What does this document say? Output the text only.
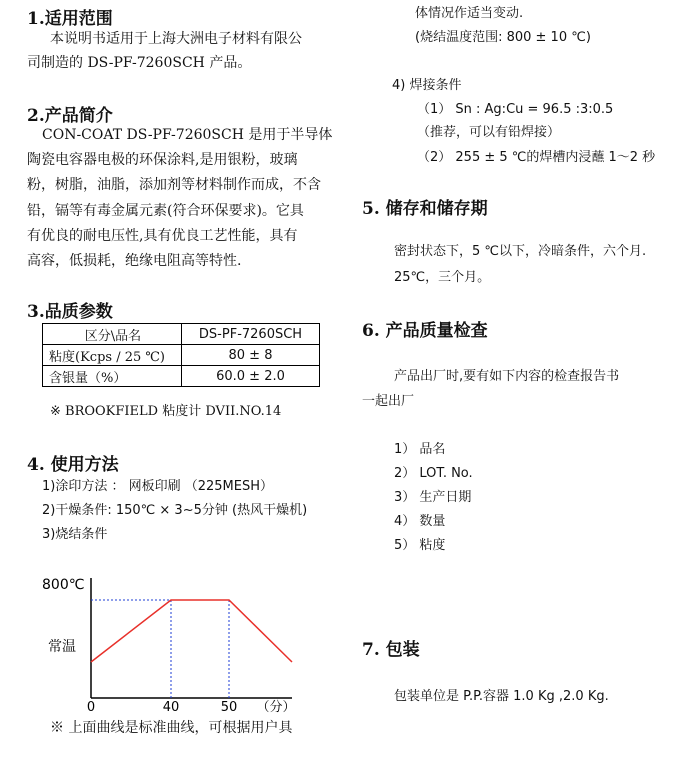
1.适用范围
本说明书适用于上海大洲电子材料有限公
司制造的 DS-PF-7260SCH 产品。
2.产品简介
CON-COAT DS-PF-7260SCH 是用于半导体
陶瓷电容器电极的环保涂料,是用银粉，玻璃
粉，树脂，油脂，添加剂等材料制作而成，不含
铅，镉等有毒金属元素(符合环保要求)。它具
有优良的耐电压性,具有优良工艺性能，具有
高容，低损耗，绝缘电阻高等特性.
3.品质参数
区分\品名	DS-PF-7260SCH
粘度(Kcps / 25 ℃)	80 ± 8
含银量（%）	60.0 ± 2.0
※ BROOKFIELD 粘度计 DVII.NO.14
4. 使用方法
1)涂印方法 ： 网板印刷 （225MESH）
2)干燥条件: 150℃ × 3~5分钟 (热风干燥机)
3)烧结条件
800℃
常温
0	40	50 （分）
※ 上面曲线是标准曲线，可根据用户具
体情况作适当变动.
(烧结温度范围: 800 ± 10 ℃)
4) 焊接条件
（1） Sn : Ag:Cu = 96.5 :3:0.5
（推荐，可以有铅焊接）
（2） 255 ± 5 ℃的焊槽内浸蘸 1～2 秒
5. 储存和储存期
密封状态下，5 ℃以下，冷暗条件，六个月.
25℃，三个月。
6. 产品质量检查
产品出厂时,要有如下内容的检查报告书
一起出厂
1） 品名
2） LOT. No.
3） 生产日期
4） 数量
5） 粘度
7. 包装
包装单位是 P.P.容器 1.0 Kg ,2.0 Kg.
